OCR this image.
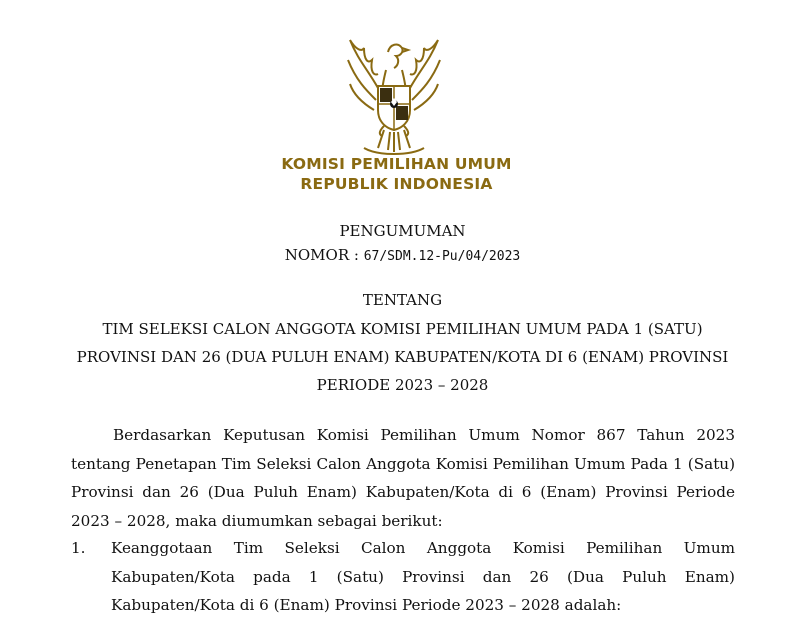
KOMISI PEMILIHAN UMUM
REPUBLIK INDONESIA
PENGUMUMAN
NOMOR : 67/SDM.12-Pu/04/2023
TENTANG
TIM SELEKSI CALON ANGGOTA KOMISI PEMILIHAN UMUM PADA 1 (SATU)
PROVINSI DAN 26 (DUA PULUH ENAM) KABUPATEN/KOTA DI 6 (ENAM) PROVINSI
PERIODE 2023 – 2028
Berdasarkan Keputusan Komisi Pemilihan Umum Nomor 867 Tahun 2023
tentang Penetapan Tim Seleksi Calon Anggota Komisi Pemilihan Umum Pada 1 (Satu)
Provinsi dan 26 (Dua Puluh Enam) Kabupaten/Kota di 6 (Enam) Provinsi Periode
2023 – 2028, maka diumumkan sebagai berikut:
1. Keanggotaan Tim Seleksi Calon Anggota Komisi Pemilihan Umum
Kabupaten/Kota pada 1 (Satu) Provinsi dan 26 (Dua Puluh Enam)
Kabupaten/Kota di 6 (Enam) Provinsi Periode 2023 – 2028 adalah:
